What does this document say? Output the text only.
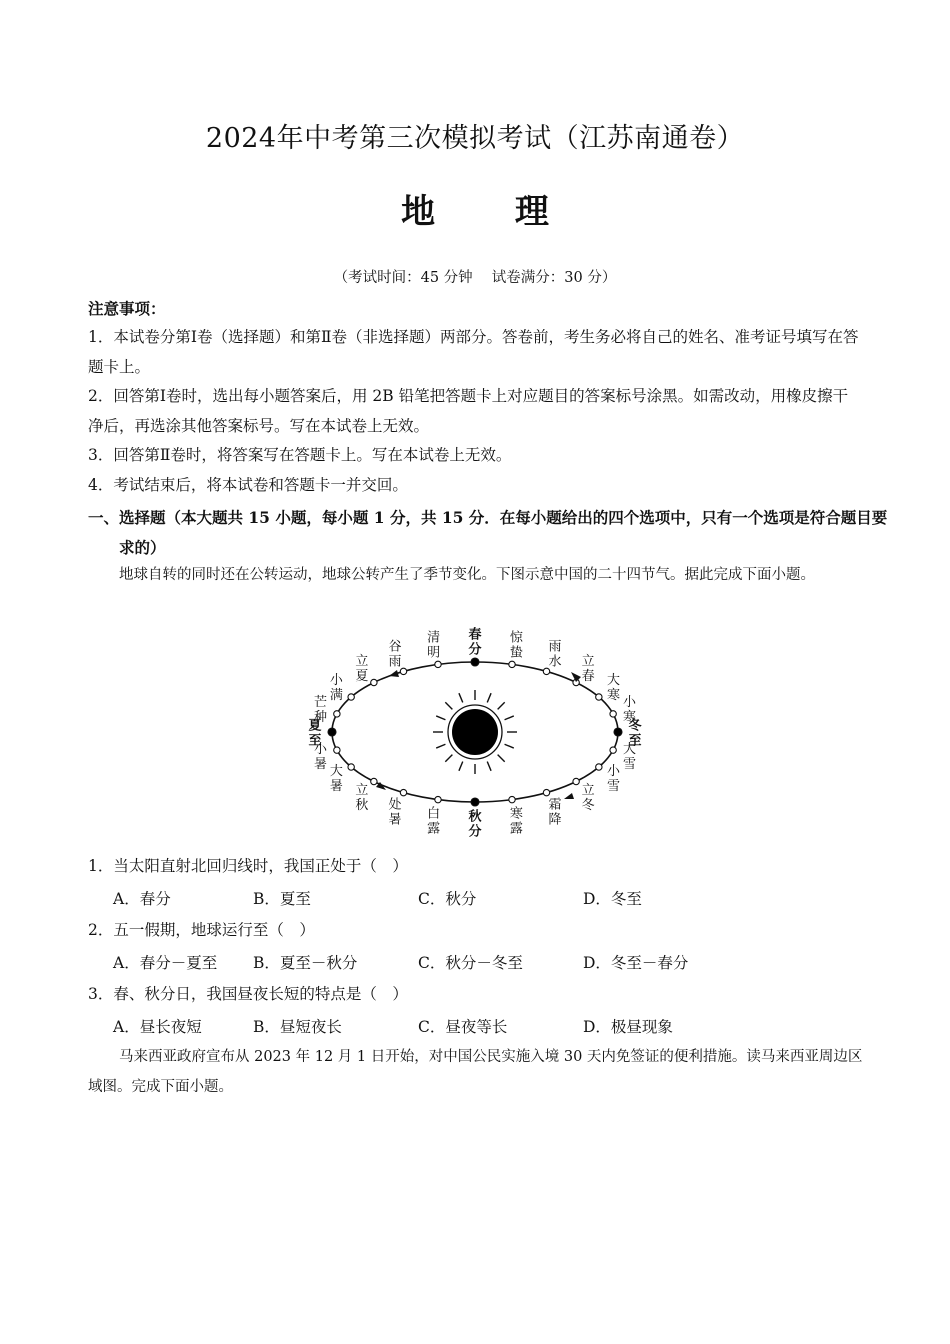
2024年中考第三次模拟考试（江苏南通卷）
地 理
（考试时间：45 分钟　 试卷满分：30 分）
注意事项：
1．本试卷分第Ⅰ卷（选择题）和第Ⅱ卷（非选择题）两部分。答卷前，考生务必将自己的姓名、准考证号填写在答题卡上。
2．回答第Ⅰ卷时，选出每小题答案后，用 2B 铅笔把答题卡上对应题目的答案标号涂黑。如需改动，用橡皮擦干净后，再选涂其他答案标号。写在本试卷上无效。
3．回答第Ⅱ卷时，将答案写在答题卡上。写在本试卷上无效。
4．考试结束后，将本试卷和答题卡一并交回。
一、选择题（本大题共 15 小题，每小题 1 分，共 15 分．在每小题给出的四个选项中，只有一个选项是符合题目要求的）
地球自转的同时还在公转运动，地球公转产生了季节变化。下图示意中国的二十四节气。据此完成下面小题。
春
分
清
明
谷
雨
立
夏
小
满
芒
种
夏
至
小
暑 大
暑 立
秋 处
暑 白
露
秋
分
寒
露
霜
降
立
冬
小
雪
大
雪
冬
至
小
寒
大
寒
立
春
雨
水
惊
蛰
1．当太阳直射北回归线时，我国正处于（　）
A．春分	B．夏至	C．秋分	D．冬至
2．五一假期，地球运行至（　）
A．春分－夏至	B．夏至－秋分	C．秋分－冬至	D．冬至－春分
3．春、秋分日，我国昼夜长短的特点是（　）
A．昼长夜短	B．昼短夜长	C．昼夜等长	D．极昼现象
马来西亚政府宣布从 2023 年 12 月 1 日开始，对中国公民实施入境 30 天内免签证的便利措施。读马来西亚周边区域图。完成下面小题。
